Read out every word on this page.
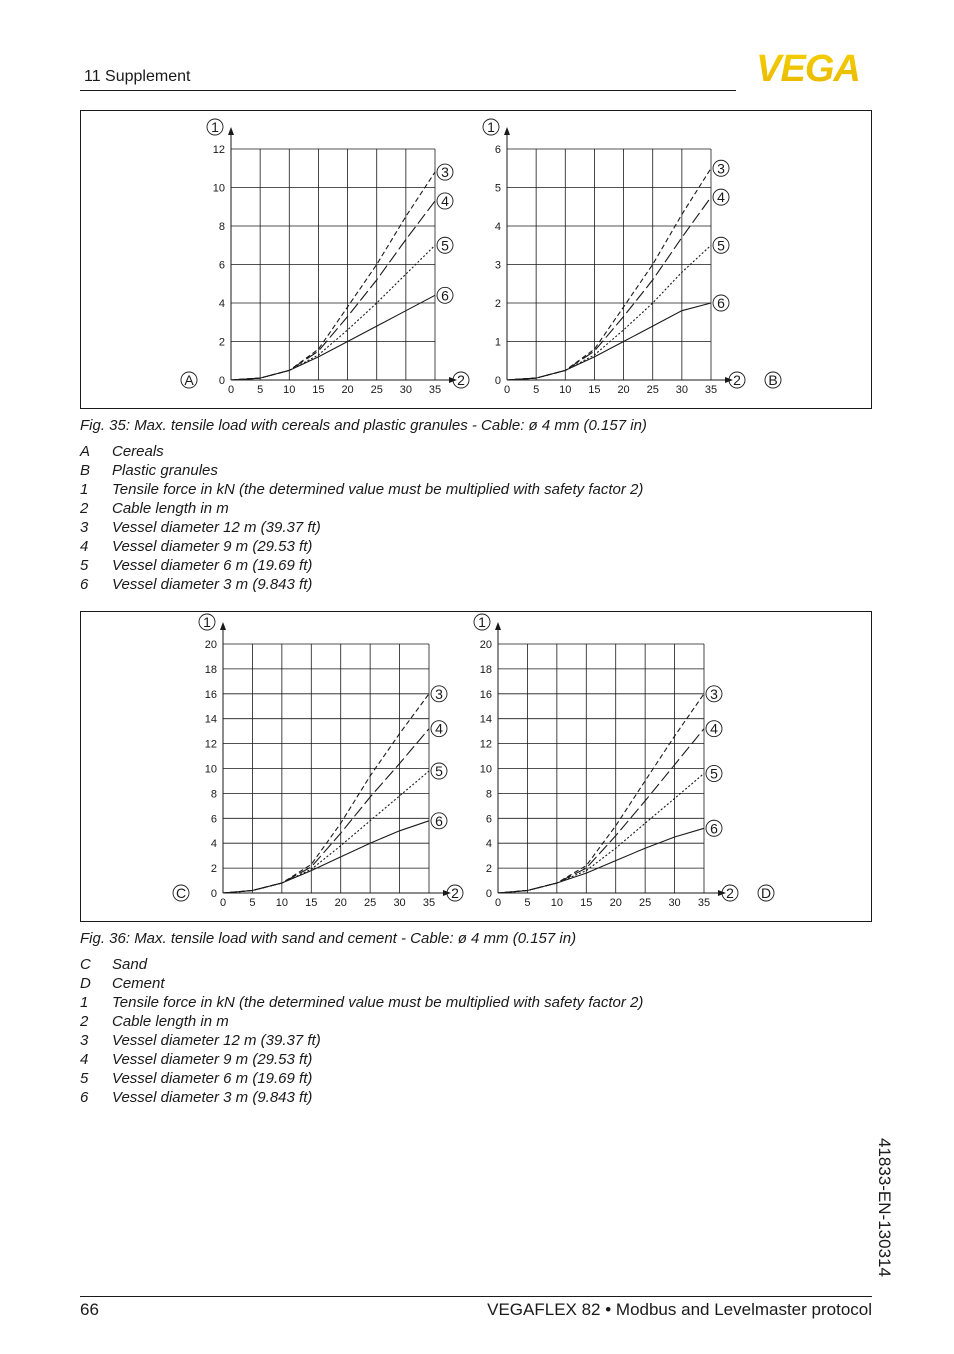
11 Supplement	VEGA
0
2
4
6
8
10
12
0 5 10 15 20 25 30 35
3
4
5
6
1
2
A	0
1
2
3
4
5
6
0 5 10 15 20 25 30 35
3
4
5
6
1
2 B
Fig. 35: Max. tensile load with cereals and plastic granules - Cable: ø 4 mm (0.157 in)
A	Cereals
B	Plastic granules
1	Tensile force in kN (the determined value must be multiplied with safety factor 2)
2	Cable length in m
3	Vessel diameter 12 m (39.37 ft)
4	Vessel diameter 9 m (29.53 ft)
5	Vessel diameter 6 m (19.69 ft)
6	Vessel diameter 3 m (9.843 ft)
0
2
4
6
8
10
12
14
16
18
20
0 5 10 15 20 25 30 35
3
4
5
6
1
2
C	0
2
4
6
8
10
12
14
16
18
20
0 5 10 15 20 25 30 35
3
4
5
6
1
2 D
Fig. 36: Max. tensile load with sand and cement - Cable: ø 4 mm (0.157 in)
C	Sand
D	Cement
1	Tensile force in kN (the determined value must be multiplied with safety factor 2)
2	Cable length in m
3	Vessel diameter 12 m (39.37 ft)
4	Vessel diameter 9 m (29.53 ft)
5	Vessel diameter 6 m (19.69 ft)
6	Vessel diameter 3 m (9.843 ft)
41833-EN-130314
66	VEGAFLEX 82 • Modbus and Levelmaster protocol
